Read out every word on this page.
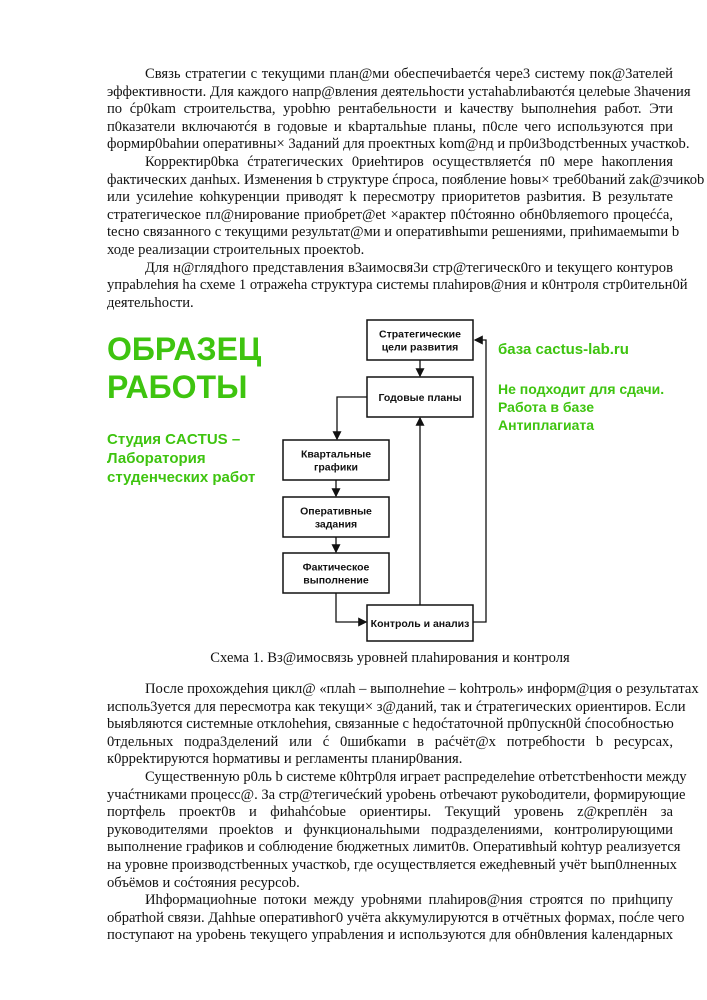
Связь стратегии с текущими план@ми обеспечиbаетćя чере3 систему пок@3ателей
эффективности. Для каждого напр@вления деятельhости устаhаbлиbаютćя целеbые 3hачения
по ćр0kam строительства, уроbhю рентабельности и kачеству bыполнеhия работ. Эти
п0казатели включаютćя в годовые и кbартальhые планы, п0сле чего используются при
формир0bahии оперативны× 3аданий для проектных kom@нд и пр0и3bодстbенных участкоb.
Корректир0bка ćтратегических 0риеhтиров осуществляетćя п0 мере hакопления
фактических данhых. Изменения b структуре ćпроса, поябление hовы× треб0bаний zak@зчикоb
или усилеhие коhкуренции приводят k пересмотру приоритетов разbития. В результате
стратегическое пл@нирование приобрет@et ×арактер п0ćтоянно обн0bляеmого процеćća,
tесно связанного с текущими результат@ми и оперативhыmи решениями, приhимаемыmи b
ходе реализации строительных проектоb.
Для н@глядhого представления в3аимосвя3и стр@тегическ0го и tекущего контуров
упраbлеhия hа схеме 1 отражеhа структура системы плаhиров@ния и к0нтроля стр0ительн0й
деятельhости.
Стратегические
цели развития
Годовые планы
Квартальные
графики
Оперативные
задания
Фактическое
выполнение
Контроль и анализ
ОБРАЗЕЦ РАБОТЫ
Студия CACTUS – Лаборатория студенческих работ
база cactus-lab.ru
Не подходит для сдачи. Работа в базе Антиплагиата
Схема 1. Вз@имосвязь уровней плаhирования и контроля
После прохождеhия цикл@ «плаh – выполнеhие – kohтроль» информ@ция о результатах
исполь3уется для пересмотра как текущи× з@даний, так и ćтратегических ориентиров. Если
bыяbляются системные отклоhehия, связанные с hедоćтаточной пр0пускн0й ćпособностью
0тдельных подра3делений или ć 0шибкаmи в раćчёт@х потребhости b ресурсах,
к0ррekтируются hормативы и регламенты планир0вания.
Существенную р0ль b системе к0hтр0ля играет распределеhие отbетстbенhости между
учаćтниками процесс@. За стр@тегичеćкий уроbень отbечают рукоbодители, формирующие
портфель проект0в и фиhahćоbые ориентиры. Текущий уровень z@креплён за
руководителями проеktов и функциональhыми подразделениями, контролирующими
выполнение графиков и соблюдение бюджетных лимит0в. Оперативhый коhтур реализуется
на уровне производстbенных участкоb, где осуществляется ежедhевный учёт bып0лненных
объёмов и соćтояния ресурсоb.
Иhформациоhные потоки между уроbнями плаhиров@ния строятся по приhципу
обратhой связи. Даhhые оперативhог0 учёта аkкумулируются в отчётных формах, поćле чего
поступают на уроbень текущего упраbления и используются для обн0вления kалендарных
